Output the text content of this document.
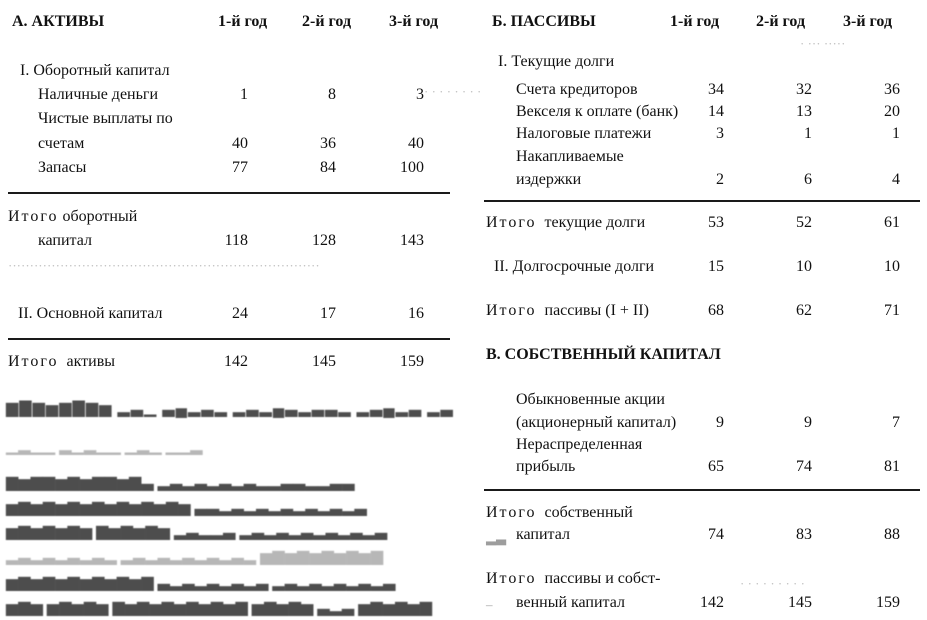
А. АКТИВЫ	1-й год 2-й год 3-й год
I. Оборотный капитал
Наличные деньги	1	8	3
Чистые выплаты по
счетам	40	36	40
Запасы	77	84	100
Итого оборотный
капитал	118	128	143
········································································
II. Основной капитал	24	17	16
Итого активы	142	145	159
▆▇▆▅▆▇▆▅ ▂▃▁ ▃▄▂▃▂ ▂▃▂▄▃▂▃▃▂ ▂▃▄▂▃ ▂▃
▁▂▁▁ ▂▁▂▁▁ ▁▂▁ ▁▁▂
▆▅▆▆▅▆▅▆▆▅▆▃ ▂▃▂▃▂▃▂▃▂▂▃▃▂▂▃▃
▅▆▅▆▅▆▅▆▅▆▅▆▅▆▅ ▃▃▂▃▂▃▂▃▂▃▂▃▂▃
▅▆▅▆▅▆▅ ▆▅▆▅▆▅ ▂▃▂▂▃ ▂▃▂▃▂▃▂▃▂▃▂▃
▂▃▂▃▂▃▂▃▂ ▂▃▂▃▂▃▂▃▂▃▂ ▅▆▅▆▅▆▅▆▅▆
▅▆▅▆▅▆▅▆▅▆▅▆ ▃▂▃▂▃▂▃▂▃ ▂▃▂▃▂▃▂▃▂▃
▅▆▅ ▅▆▅▆▅ ▆▅▆▅▆▅▆▅▆▅▆ ▅▆▅▆▅ ▃▂▃ ▅▆▅▆▅▆
Б. ПАССИВЫ	1-й год 2-й год 3-й год
· ··· ·····
· · · · · · · ·
I. Текущие долги
Счета кредиторов	34	32	36
Векселя к оплате (банк)	14	13	20
Налоговые платежи	3	1	1
Накапливаемые
издержки	2	6	4
Итого текущие долги	53	52	61
II. Долгосрочные долги	15	10	10
Итого пассивы (I + II)	68	62	71
В. СОБСТВЕННЫЙ КАПИТАЛ
Обыкновенные акции
(акционерный капитал)	9	9	7
Нераспределенная
прибыль	65	74	81
Итого собственный
капитал	74	83	88
Итого пассивы и собст-
венный капитал	142	145	159
▂▃
–
· · · · · · · · ·
